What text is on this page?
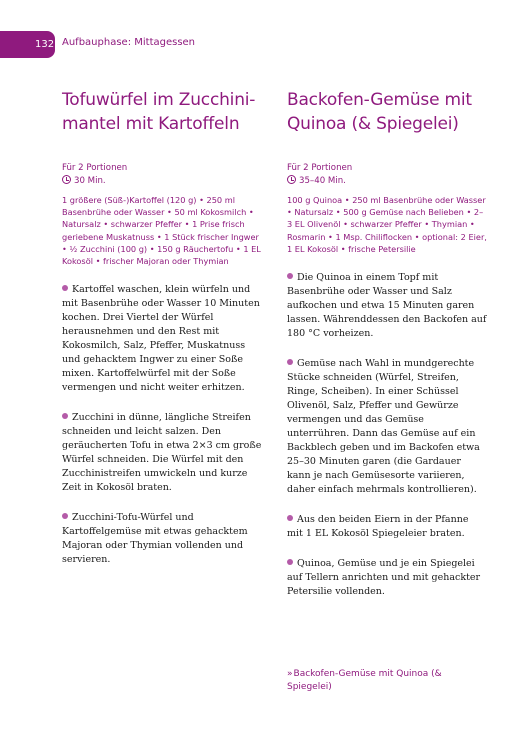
132 Aufbauphase: Mittagessen
Tofuwürfel im Zucchini-mantel mit Kartoffeln
Für 2 Portionen
30 Min.
1 größere (Süß-)Kartoffel (120 g) • 250 ml Basenbrühe oder Wasser • 50 ml Kokosmilch • Natursalz • schwarzer Pfeffer • 1 Prise frisch geriebene Muskatnuss • 1 Stück frischer Ingwer • ½ Zucchini (100 g) • 150 g Räuchertofu • 1 EL Kokosöl • frischer Majoran oder Thymian

Kartoffel waschen, klein würfeln und mit Basenbrühe oder Wasser 10 Minuten kochen. Drei Viertel der Würfel herausnehmen und den Rest mit Kokosmilch, Salz, Pfeffer, Muskatnuss und gehacktem Ingwer zu einer Soße mixen. Kartoffelwürfel mit der Soße vermengen und nicht weiter erhitzen.

Zucchini in dünne, längliche Streifen schneiden und leicht salzen. Den geräucherten Tofu in etwa 2×3 cm große Würfel schneiden. Die Würfel mit den Zucchinistreifen umwickeln und kurze Zeit in Kokosöl braten.

Zucchini-Tofu-Würfel und Kartoffelgemüse mit etwas gehacktem Majoran oder Thymian vollenden und servieren.

Backofen-Gemüse mit Quinoa (& Spiegelei)
Für 2 Portionen
35–40 Min.
100 g Quinoa • 250 ml Basenbrühe oder Wasser • Natursalz • 500 g Gemüse nach Belieben • 2–3 EL Olivenöl • schwarzer Pfeffer • Thymian • Rosmarin • 1 Msp. Chiliflocken • optional: 2 Eier, 1 EL Kokosöl • frische Petersilie

Die Quinoa in einem Topf mit Basenbrühe oder Wasser und Salz aufkochen und etwa 15 Minuten garen lassen. Währenddessen den Backofen auf 180 °C vorheizen.

Gemüse nach Wahl in mundgerechte Stücke schneiden (Würfel, Streifen, Ringe, Scheiben). In einer Schüssel Olivenöl, Salz, Pfeffer und Gewürze vermengen und das Gemüse unterrühren. Dann das Gemüse auf ein Backblech geben und im Backofen etwa 25–30 Minuten garen (die Gardauer kann je nach Gemüsesorte variieren, daher einfach mehrmals kontrollieren).

Aus den beiden Eiern in der Pfanne mit 1 EL Kokosöl Spiegeleier braten.

Quinoa, Gemüse und je ein Spiegelei auf Tellern anrichten und mit gehackter Petersilie vollenden.

»Backofen-Gemüse mit Quinoa (& Spiegelei)
